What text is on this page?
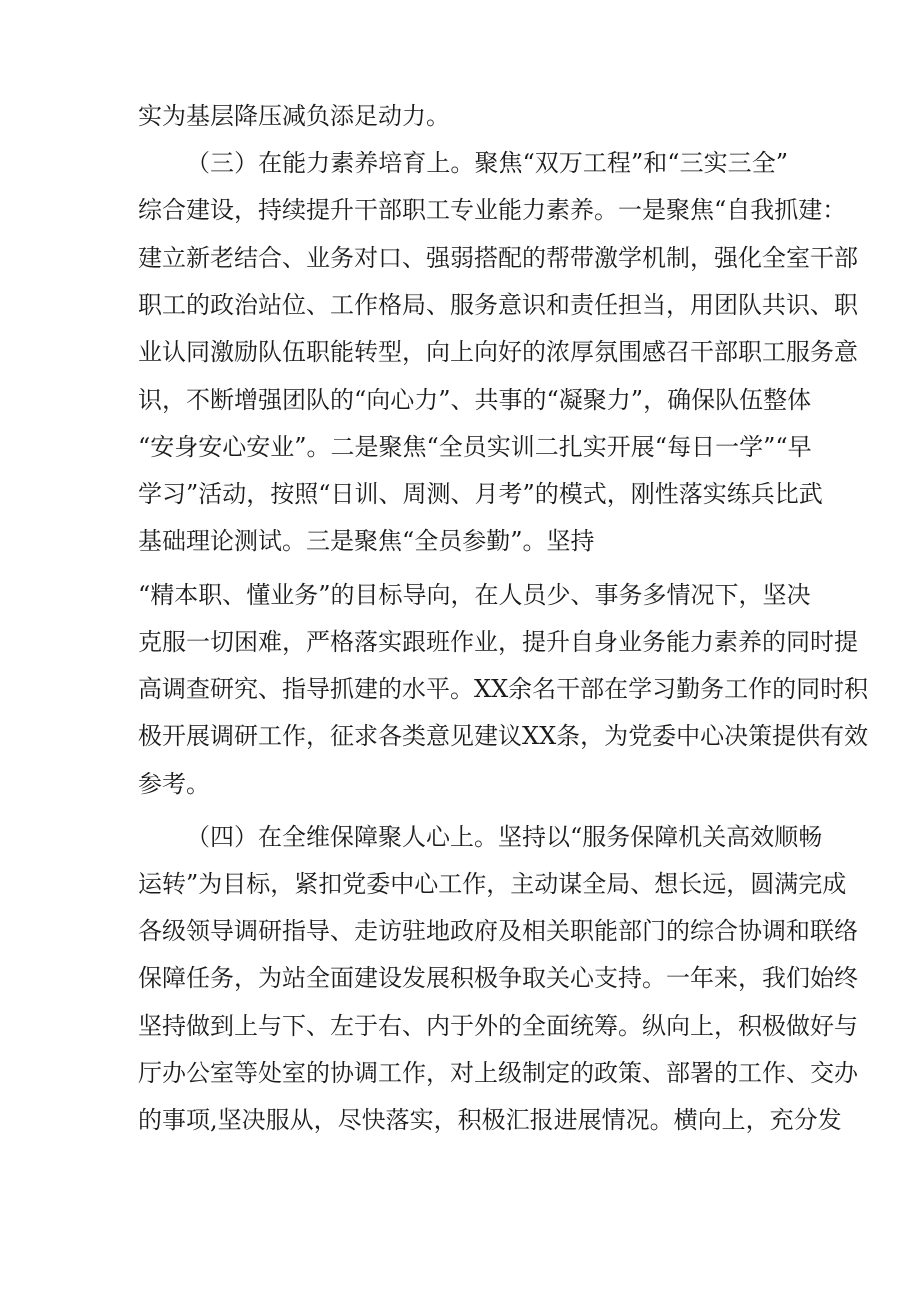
实为基层降压减负添足动力。
（三）在能力素养培育上。聚焦“双万工程”和“三实三全”
综合建设，持续提升干部职工专业能力素养。一是聚焦“自我抓建：
建立新老结合、业务对口、强弱搭配的帮带激学机制，强化全室干部
职工的政治站位、工作格局、服务意识和责任担当，用团队共识、职
业认同激励队伍职能转型，向上向好的浓厚氛围感召干部职工服务意
识，不断增强团队的“向心力”、共事的“凝聚力”，确保队伍整体
“安身安心安业”。二是聚焦“全员实训二扎实开展“每日一学”“早
学习”活动，按照“日训、周测、月考”的模式，刚性落实练兵比武
基础理论测试。三是聚焦“全员参勤”。坚持
“精本职、懂业务”的目标导向，在人员少、事务多情况下，坚决
克服一切困难，严格落实跟班作业，提升自身业务能力素养的同时提
高调查研究、指导抓建的水平。XX余名干部在学习勤务工作的同时积
极开展调研工作，征求各类意见建议XX条，为党委中心决策提供有效
参考。
（四）在全维保障聚人心上。坚持以“服务保障机关高效顺畅
运转”为目标，紧扣党委中心工作，主动谋全局、想长远，圆满完成
各级领导调研指导、走访驻地政府及相关职能部门的综合协调和联络
保障任务，为站全面建设发展积极争取关心支持。一年来，我们始终
坚持做到上与下、左于右、内于外的全面统筹。纵向上，积极做好与
厅办公室等处室的协调工作，对上级制定的政策、部署的工作、交办
的事项,坚决服从，尽快落实，积极汇报进展情况。横向上，充分发
